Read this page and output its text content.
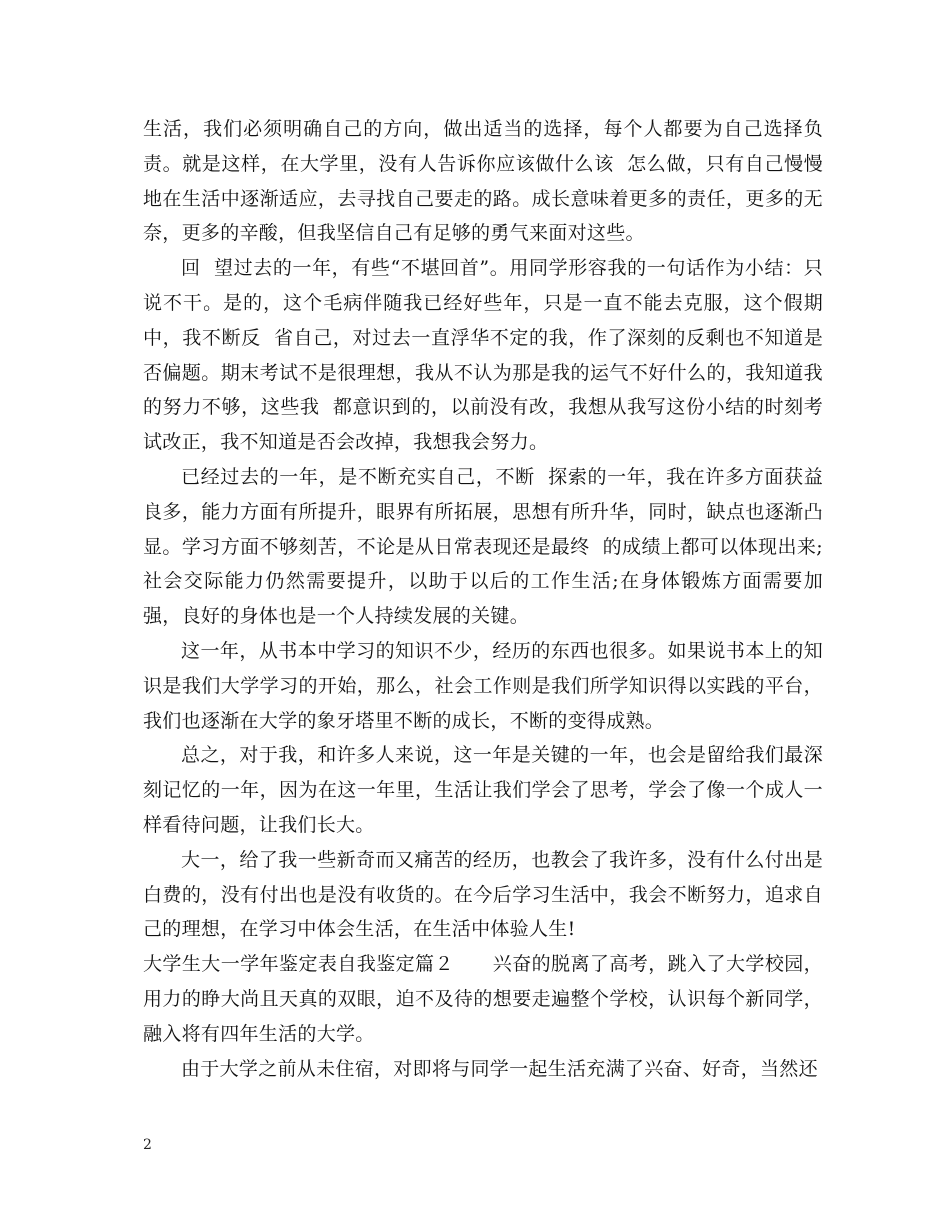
生活，我们必须明确自己的方向，做出适当的选择，每个人都要为自己选择负责。就是这样，在大学里，没有人告诉你应该做什么该  怎么做，只有自己慢慢地在生活中逐渐适应，去寻找自己要走的路。成长意味着更多的责任，更多的无奈，更多的辛酸，但我坚信自己有足够的勇气来面对这些。

回  望过去的一年，有些“不堪回首”。用同学形容我的一句话作为小结：只说不干。是的，这个毛病伴随我已经好些年，只是一直不能去克服，这个假期中，我不断反  省自己，对过去一直浮华不定的我，作了深刻的反剩也不知道是否偏题。期末考试不是很理想，我从不认为那是我的运气不好什么的，我知道我的努力不够，这些我  都意识到的，以前没有改，我想从我写这份小结的时刻考试改正，我不知道是否会改掉，我想我会努力。

已经过去的一年，是不断充实自己，不断  探索的一年，我在许多方面获益良多，能力方面有所提升，眼界有所拓展，思想有所升华，同时，缺点也逐渐凸显。学习方面不够刻苦，不论是从日常表现还是最终  的成绩上都可以体现出来;社会交际能力仍然需要提升，以助于以后的工作生活;在身体锻炼方面需要加强，良好的身体也是一个人持续发展的关键。

这一年，从书本中学习的知识不少，经历的东西也很多。如果说书本上的知识是我们大学学习的开始，那么，社会工作则是我们所学知识得以实践的平台，我们也逐渐在大学的象牙塔里不断的成长，不断的变得成熟。

总之，对于我，和许多人来说，这一年是关键的一年，也会是留给我们最深刻记忆的一年，因为在这一年里，生活让我们学会了思考，学会了像一个成人一样看待问题，让我们长大。

大一，给了我一些新奇而又痛苦的经历，也教会了我许多，没有什么付出是白费的，没有付出也是没有收货的。在今后学习生活中，我会不断努力，追求自己的理想，在学习中体会生活，在生活中体验人生!

大学生大一学年鉴定表自我鉴定篇２      兴奋的脱离了高考，跳入了大学校园，用力的睁大尚且天真的双眼，迫不及待的想要走遍整个学校，认识每个新同学，融入将有四年生活的大学。

由于大学之前从未住宿，对即将与同学一起生活充满了兴奋、好奇，当然还

2
